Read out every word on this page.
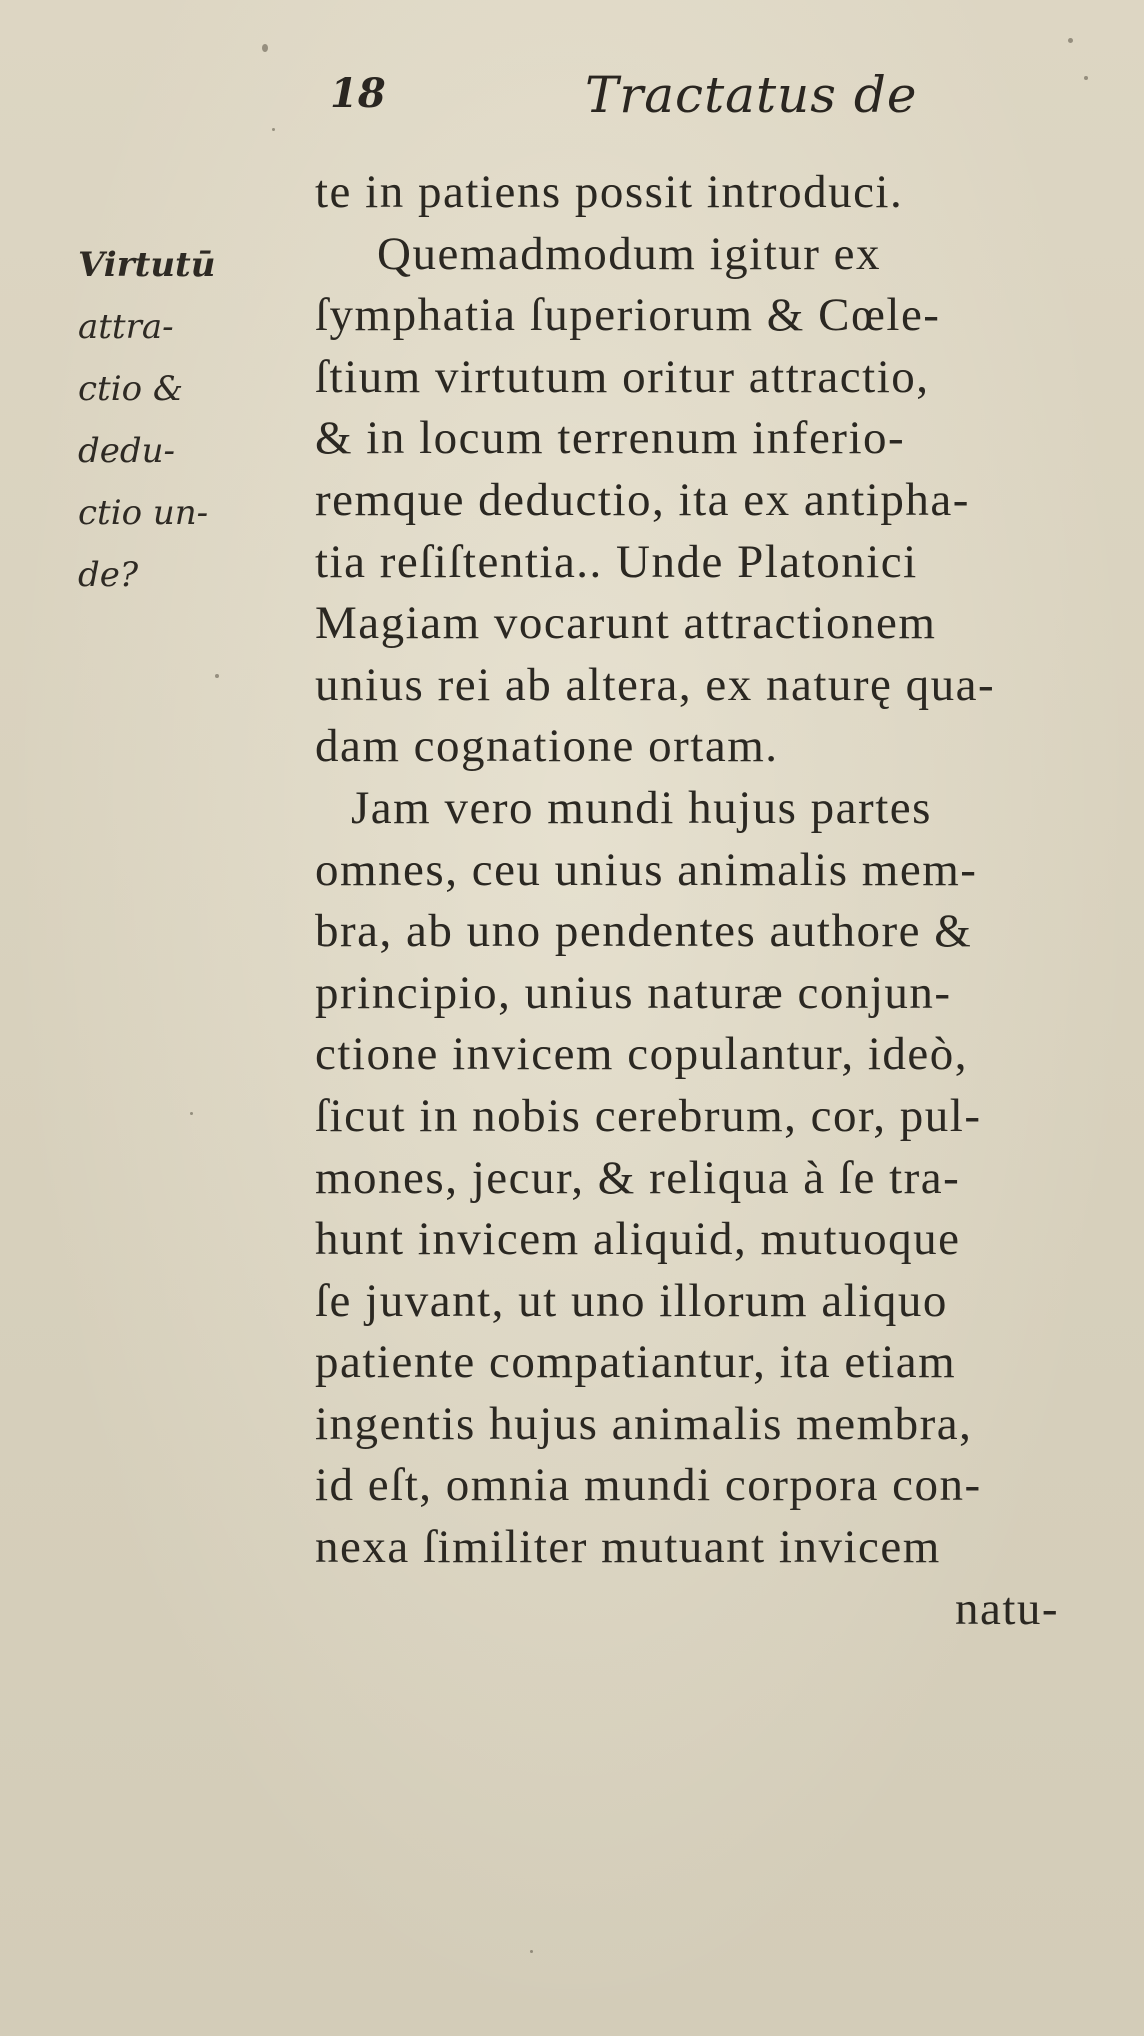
18	Tractatus de
Virtutū
attra-
ctio &
dedu-
ctio un-
de?
te in patiens possit introduci.
Quemadmodum igitur ex
ſymphatia ſuperiorum & Cœle-
ſtium virtutum oritur attractio,
& in locum terrenum inferio-
remque deductio, ita ex antipha-
tia reſiſtentia.. Unde Platonici
Magiam vocarunt attractionem
unius rei ab altera, ex naturę qua-
dam cognatione ortam.
Jam vero mundi hujus partes
omnes, ceu unius animalis mem-
bra, ab uno pendentes authore &
principio, unius naturæ conjun-
ctione invicem copulantur, ideò,
ſicut in nobis cerebrum, cor, pul-
mones, jecur, & reliqua à ſe tra-
hunt invicem aliquid, mutuoque
ſe juvant, ut uno illorum aliquo
patiente compatiantur, ita etiam
ingentis hujus animalis membra,
id eſt, omnia mundi corpora con-
nexa ſimiliter mutuant invicem
natu-
